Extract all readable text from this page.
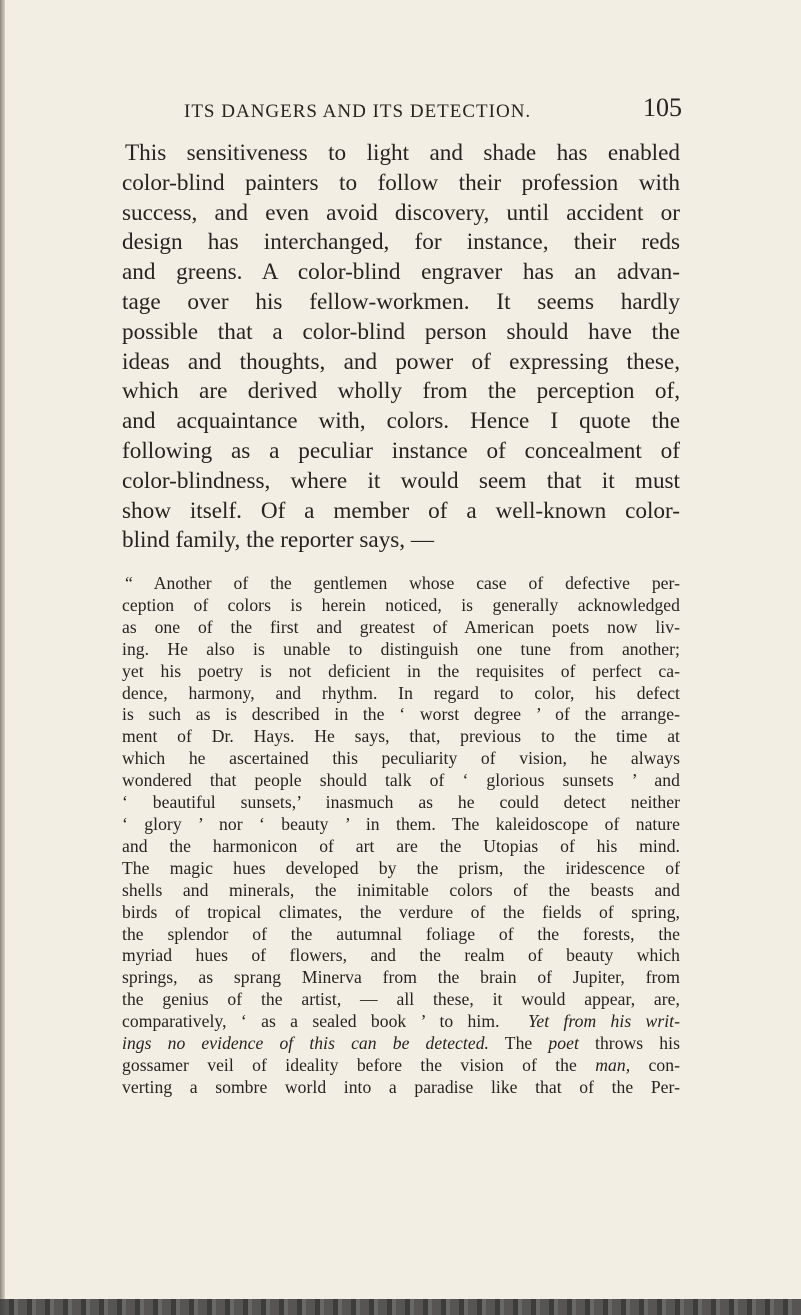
ITS DANGERS AND ITS DETECTION.	105
This sensitiveness to light and shade has enabled
color-blind painters to follow their profession with
success, and even avoid discovery, until accident or
design has interchanged, for instance, their reds
and greens. A color-blind engraver has an advan-
tage over his fellow-workmen. It seems hardly
possible that a color-blind person should have the
ideas and thoughts, and power of expressing these,
which are derived wholly from the perception of,
and acquaintance with, colors. Hence I quote the
following as a peculiar instance of concealment of
color-blindness, where it would seem that it must
show itself. Of a member of a well-known color-
blind family, the reporter says, —
“ Another of the gentlemen whose case of defective per-
ception of colors is herein noticed, is generally acknowledged
as one of the first and greatest of American poets now liv-
ing. He also is unable to distinguish one tune from another;
yet his poetry is not deficient in the requisites of perfect ca-
dence, harmony, and rhythm. In regard to color, his defect
is such as is described in the ‘ worst degree ’ of the arrange-
ment of Dr. Hays. He says, that, previous to the time at
which he ascertained this peculiarity of vision, he always
wondered that people should talk of ‘ glorious sunsets ’ and
‘ beautiful sunsets,’ inasmuch as he could detect neither
‘ glory ’ nor ‘ beauty ’ in them. The kaleidoscope of nature
and the harmonicon of art are the Utopias of his mind.
The magic hues developed by the prism, the iridescence of
shells and minerals, the inimitable colors of the beasts and
birds of tropical climates, the verdure of the fields of spring,
the splendor of the autumnal foliage of the forests, the
myriad hues of flowers, and the realm of beauty which
springs, as sprang Minerva from the brain of Jupiter, from
the genius of the artist, — all these, it would appear, are,
comparatively, ‘ as a sealed book ’ to him. Yet from his writ-
ings no evidence of this can be detected. The poet throws his
gossamer veil of ideality before the vision of the man, con-
verting a sombre world into a paradise like that of the Per-
